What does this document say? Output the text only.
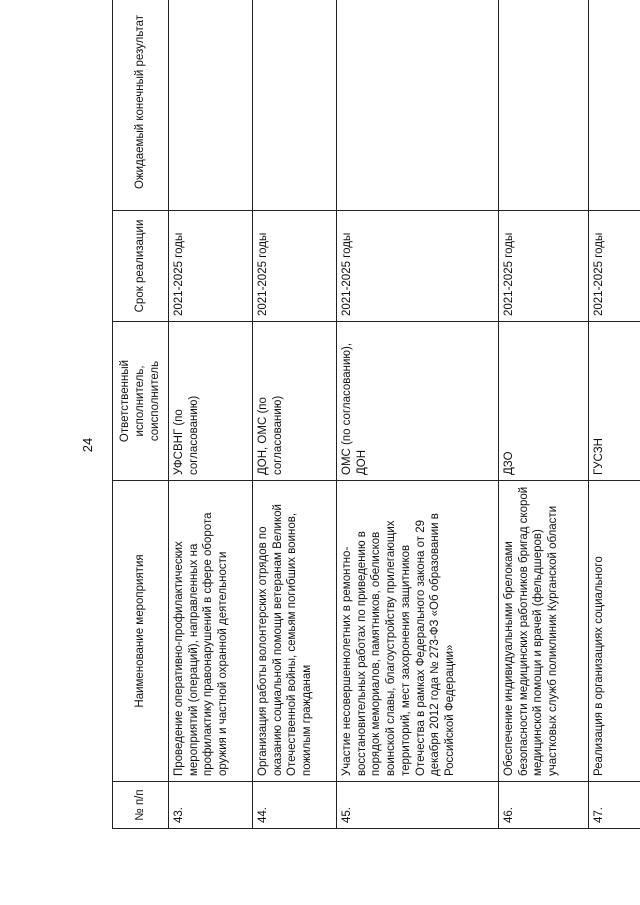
24
№ п/п	Наименование мероприятия	Ответственный исполнитель, соисполнитель	Срок реализации	Ожидаемый конечный результат
43.	Проведение оперативно-профилактических мероприятий (операций), направленных на профилактику правонарушений в сфере оборота оружия и частной охранной деятельности	УФСВНГ (по согласованию)	2021-2025 годы	
44.	Организация работы волонтерских отрядов по оказанию социальной помощи ветеранам Великой Отечественной войны, семьям погибших воинов, пожилым гражданам	ДОН, ОМС (по согласованию)	2021-2025 годы	
45.	Участие несовершеннолетних в ремонтно-восстановительных работах по приведению в порядок мемориалов, памятников, обелисков воинской славы, благоустройству прилегающих территорий, мест захоронения защитников Отечества в рамках Федерального закона от 29 декабря 2012 года № 273-ФЗ «Об образовании в Российской Федерации»	ОМС (по согласованию), ДОН	2021-2025 годы	
46.	Обеспечение индивидуальными брелоками безопасности медицинских работников бригад скорой медицинской помощи и врачей (фельдшеров) участковых служб поликлиник Курганской области	ДЗО	2021-2025 годы	
47.	Реализация в организациях социального	ГУСЗН	2021-2025 годы	
